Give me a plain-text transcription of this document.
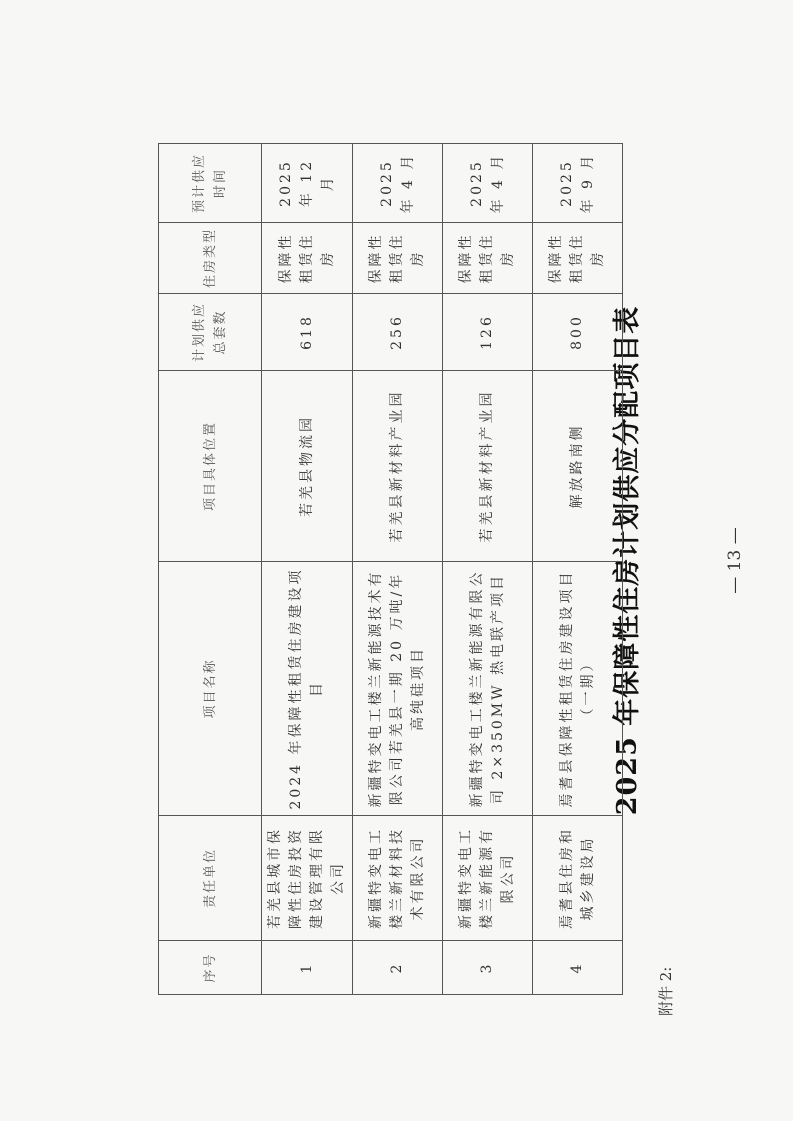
2025 年保障性住房计划供应分配项目表
序号	责任单位	项目名称	项目具体位置	计划供应总套数	住房类型	预计供应时间
1	若羌县城市保障性住房投资建设管理有限公司	2024 年保障性租赁住房建设项目	若羌县物流园	618	保障性租赁住房	2025 年 12 月
2	新疆特变电工楼兰新材料技术有限公司	新疆特变电工楼兰新能源技术有限公司若羌县一期 20 万吨/年高纯硅项目	若羌县新材料产业园	256	保障性租赁住房	2025 年 4 月
3	新疆特变电工楼兰新能源有限公司	新疆特变电工楼兰新能源有限公司 2×350MW 热电联产项目	若羌县新材料产业园	126	保障性租赁住房	2025 年 4 月
4	焉耆县住房和城乡建设局	焉耆县保障性租赁住房建设项目（一期）	解放路南侧	800	保障性租赁住房	2025 年 9 月
附件 2:
— 13 —
